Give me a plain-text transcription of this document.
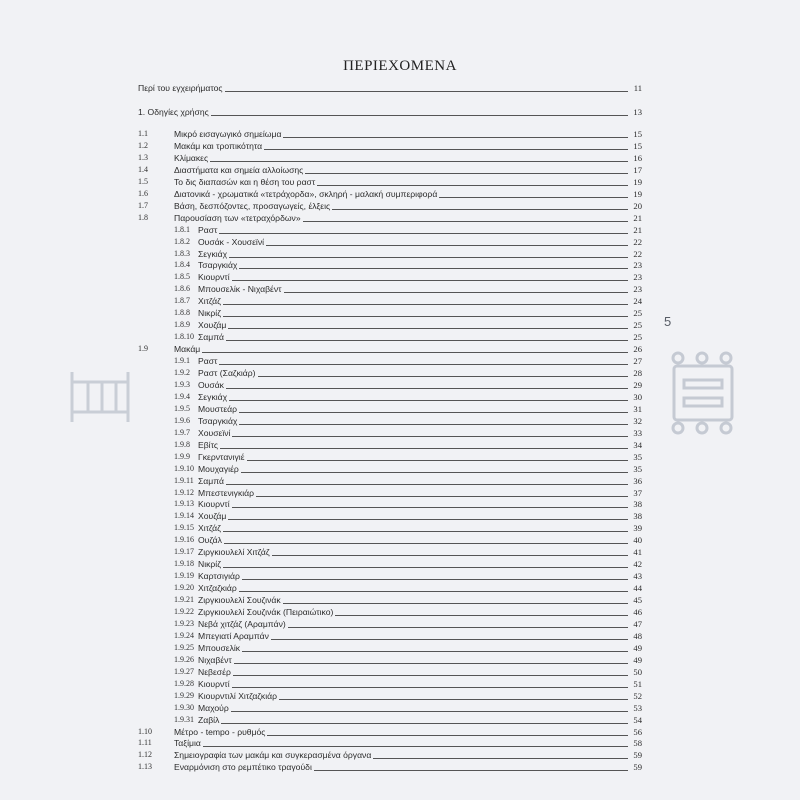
5
ΠΕΡΙΕΧΟΜΕΝΑ
Περί του εγχειρήματος	11
1. Οδηγίες χρήσης	13
1.1	Μικρό εισαγωγικό σημείωμα	15
1.2	Μακάμ και τροπικότητα	15
1.3	Κλίμακες	16
1.4	Διαστήματα και σημεία αλλοίωσης	17
1.5	Το δις διαπασών και η θέση του ραστ	19
1.6	Διατονικά - χρωματικά «τετράχορδα», σκληρή - μαλακή συμπεριφορά	19
1.7	Βάση, δεσπόζοντες, προσαγωγείς, έλξεις	20
1.8	Παρουσίαση των «τετραχόρδων»	21
1.8.1 Ραστ	21
1.8.2 Ουσάκ - Χουσεϊνί	22
1.8.3 Σεγκιάχ	22
1.8.4 Τσαργκιάχ	23
1.8.5 Κιουρντί	23
1.8.6 Μπουσελίκ - Νιχαβέντ	23
1.8.7 Χιτζάζ	24
1.8.8 Νικρίζ	25
1.8.9 Χουζάμ	25
1.8.10 Σαμπά	25
1.9	Μακάμ	26
1.9.1 Ραστ	27
1.9.2 Ραστ (Σαζκιάρ)	28
1.9.3 Ουσάκ	29
1.9.4 Σεγκιάχ	30
1.9.5 Μουστεάρ	31
1.9.6 Τσαργκιάχ	32
1.9.7 Χουσεϊνί	33
1.9.8 Εβίτς	34
1.9.9 Γκερντανιγιέ	35
1.9.10 Μουχαγιέρ	35
1.9.11 Σαμπά	36
1.9.12 Μπεστενιγκιάρ	37
1.9.13 Κιουρντί	38
1.9.14 Χουζάμ	38
1.9.15 Χιτζάζ	39
1.9.16 Ουζάλ	40
1.9.17 Ζιργκιουλελί Χιτζάζ	41
1.9.18 Νικρίζ	42
1.9.19 Καρτσιγιάρ	43
1.9.20 Χιτζαζκιάρ	44
1.9.21 Ζιργκιουλελί Σουζινάκ	45
1.9.22 Ζιργκιουλελί Σουζινάκ (Πειραιώτικο)	46
1.9.23 Νεβά χιτζάζ (Αραμπάν)	47
1.9.24 Μπεγιατί Αραμπάν	48
1.9.25 Μπουσελίκ	49
1.9.26 Νιχαβέντ	49
1.9.27 Νεβεσέρ	50
1.9.28 Κιουρντί	51
1.9.29 Κιουρντιλί Χιτζαζκιάρ	52
1.9.30 Μαχούρ	53
1.9.31 Ζαβίλ	54
1.10	Μέτρο - tempo - ρυθμός	56
1.11	Ταξίμια	58
1.12	Σημειογραφία των μακάμ και συγκερασμένα όργανα	59
1.13	Εναρμόνιση στο ρεμπέτικο τραγούδι	59
